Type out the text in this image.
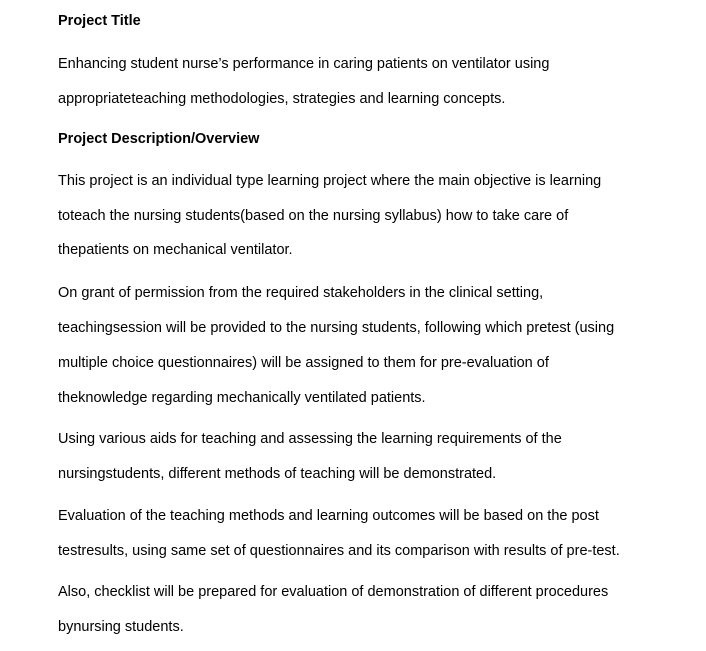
Project Title
Enhancing student nurse’s performance in caring patients on ventilator using
appropriateteaching methodologies, strategies and learning concepts.
Project Description/Overview
This project is an individual type learning project where the main objective is learning
toteach the nursing students(based on the nursing syllabus) how to take care of
thepatients on mechanical ventilator.
On grant of permission from the required stakeholders in the clinical setting,
teachingsession will be provided to the nursing students, following which pretest (using
multiple choice questionnaires) will be assigned to them for pre-evaluation of
theknowledge regarding mechanically ventilated patients.
Using various aids for teaching and assessing the learning requirements of the
nursingstudents, different methods of teaching will be demonstrated.
Evaluation of the teaching methods and learning outcomes will be based on the post
testresults, using same set of questionnaires and its comparison with results of pre-test.
Also, checklist will be prepared for evaluation of demonstration of different procedures
bynursing students.
